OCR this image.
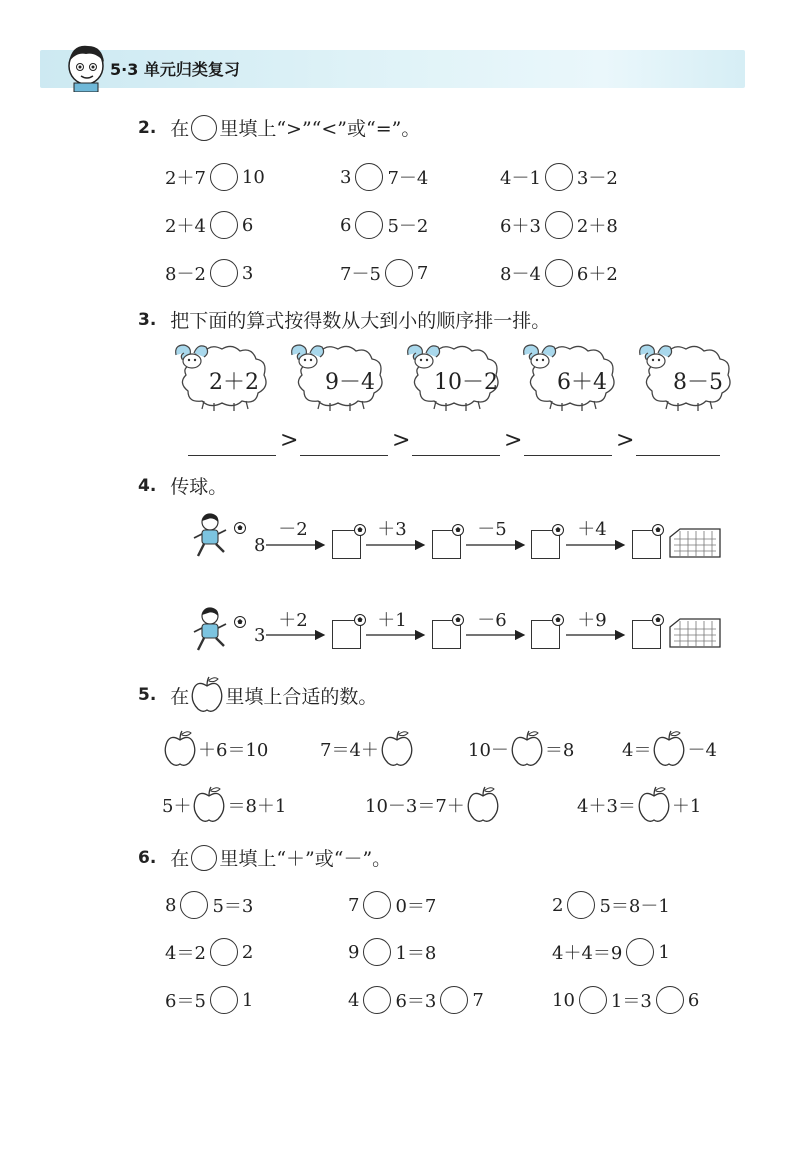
5·3 单元归类复习
2. 在 里填上“>”“<”或“=”。
2＋7 10	3 7－4	4－1 3－2
2＋4 6	6 5－2	6＋3 2＋8
8－2 3	7－5 7	8－4 6＋2
3. 把下面的算式按得数从大到小的顺序排一排。
2＋2	9－4	10－2	6＋4	8－5
>	>	>	>
4. 传球。
8
－2	＋3	－5	＋4
3
＋2	＋1	－6	＋9
5. 在 里填上合适的数。
＋6＝10	7＝4＋	10－ ＝8	4＝ －4
5＋ ＝8＋1	10－3＝7＋	4＋3＝ ＋1
6. 在 里填上“＋”或“－”。
8 5＝3	7 0＝7	2 5＝8－1
4＝2 2	9 1＝8	4＋4＝9 1
6＝5 1	4 6＝3 7	10 1＝3 6
